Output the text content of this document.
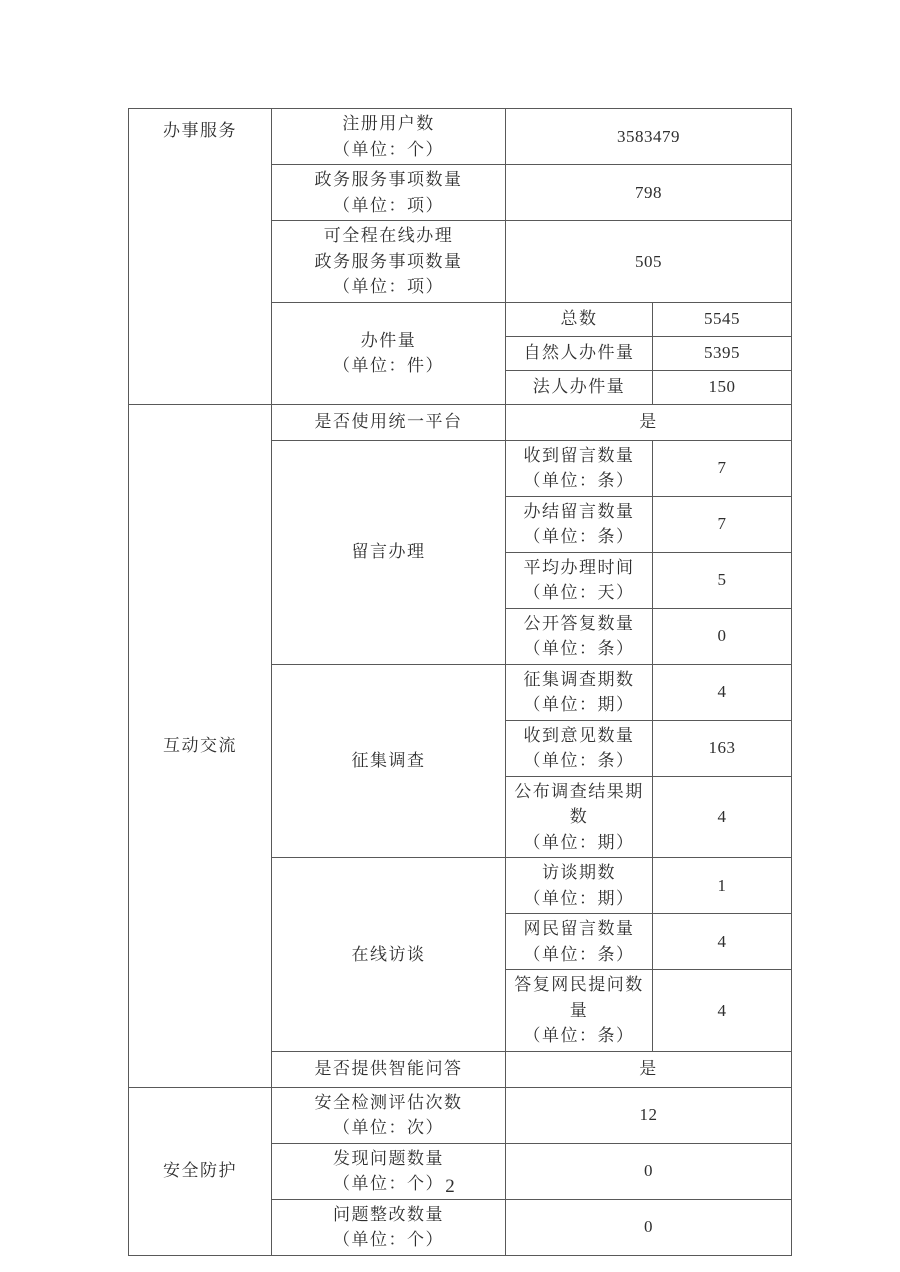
办事服务	注册用户数
（单位：个）	3583479	

	政务服务事项数量
（单位：项）	798	

	可全程在线办理
政务服务事项数量
（单位：项）	505	

	办件量
（单位：件）	总数	5545
		自然人办件量	5395
		法人办件量	150
互动交流	是否使用统一平台	是	
	留言办理	收到留言数量
（单位：条）	7

		办结留言数量
（单位：条）	7

		平均办理时间
（单位：天）	5

		公开答复数量
（单位：条）	0
	征集调查	征集调查期数
（单位：期）	4

		收到意见数量
（单位：条）	163

		公布调查结果期数
（单位：期）	4
	在线访谈	访谈期数
（单位：期）	1

		网民留言数量
（单位：条）	4

		答复网民提问数量
（单位：条）	4
	是否提供智能问答	是	
安全防护	安全检测评估次数
（单位：次）	12	

	发现问题数量
（单位：个）	0	

	问题整改数量
（单位：个）	0	
2
